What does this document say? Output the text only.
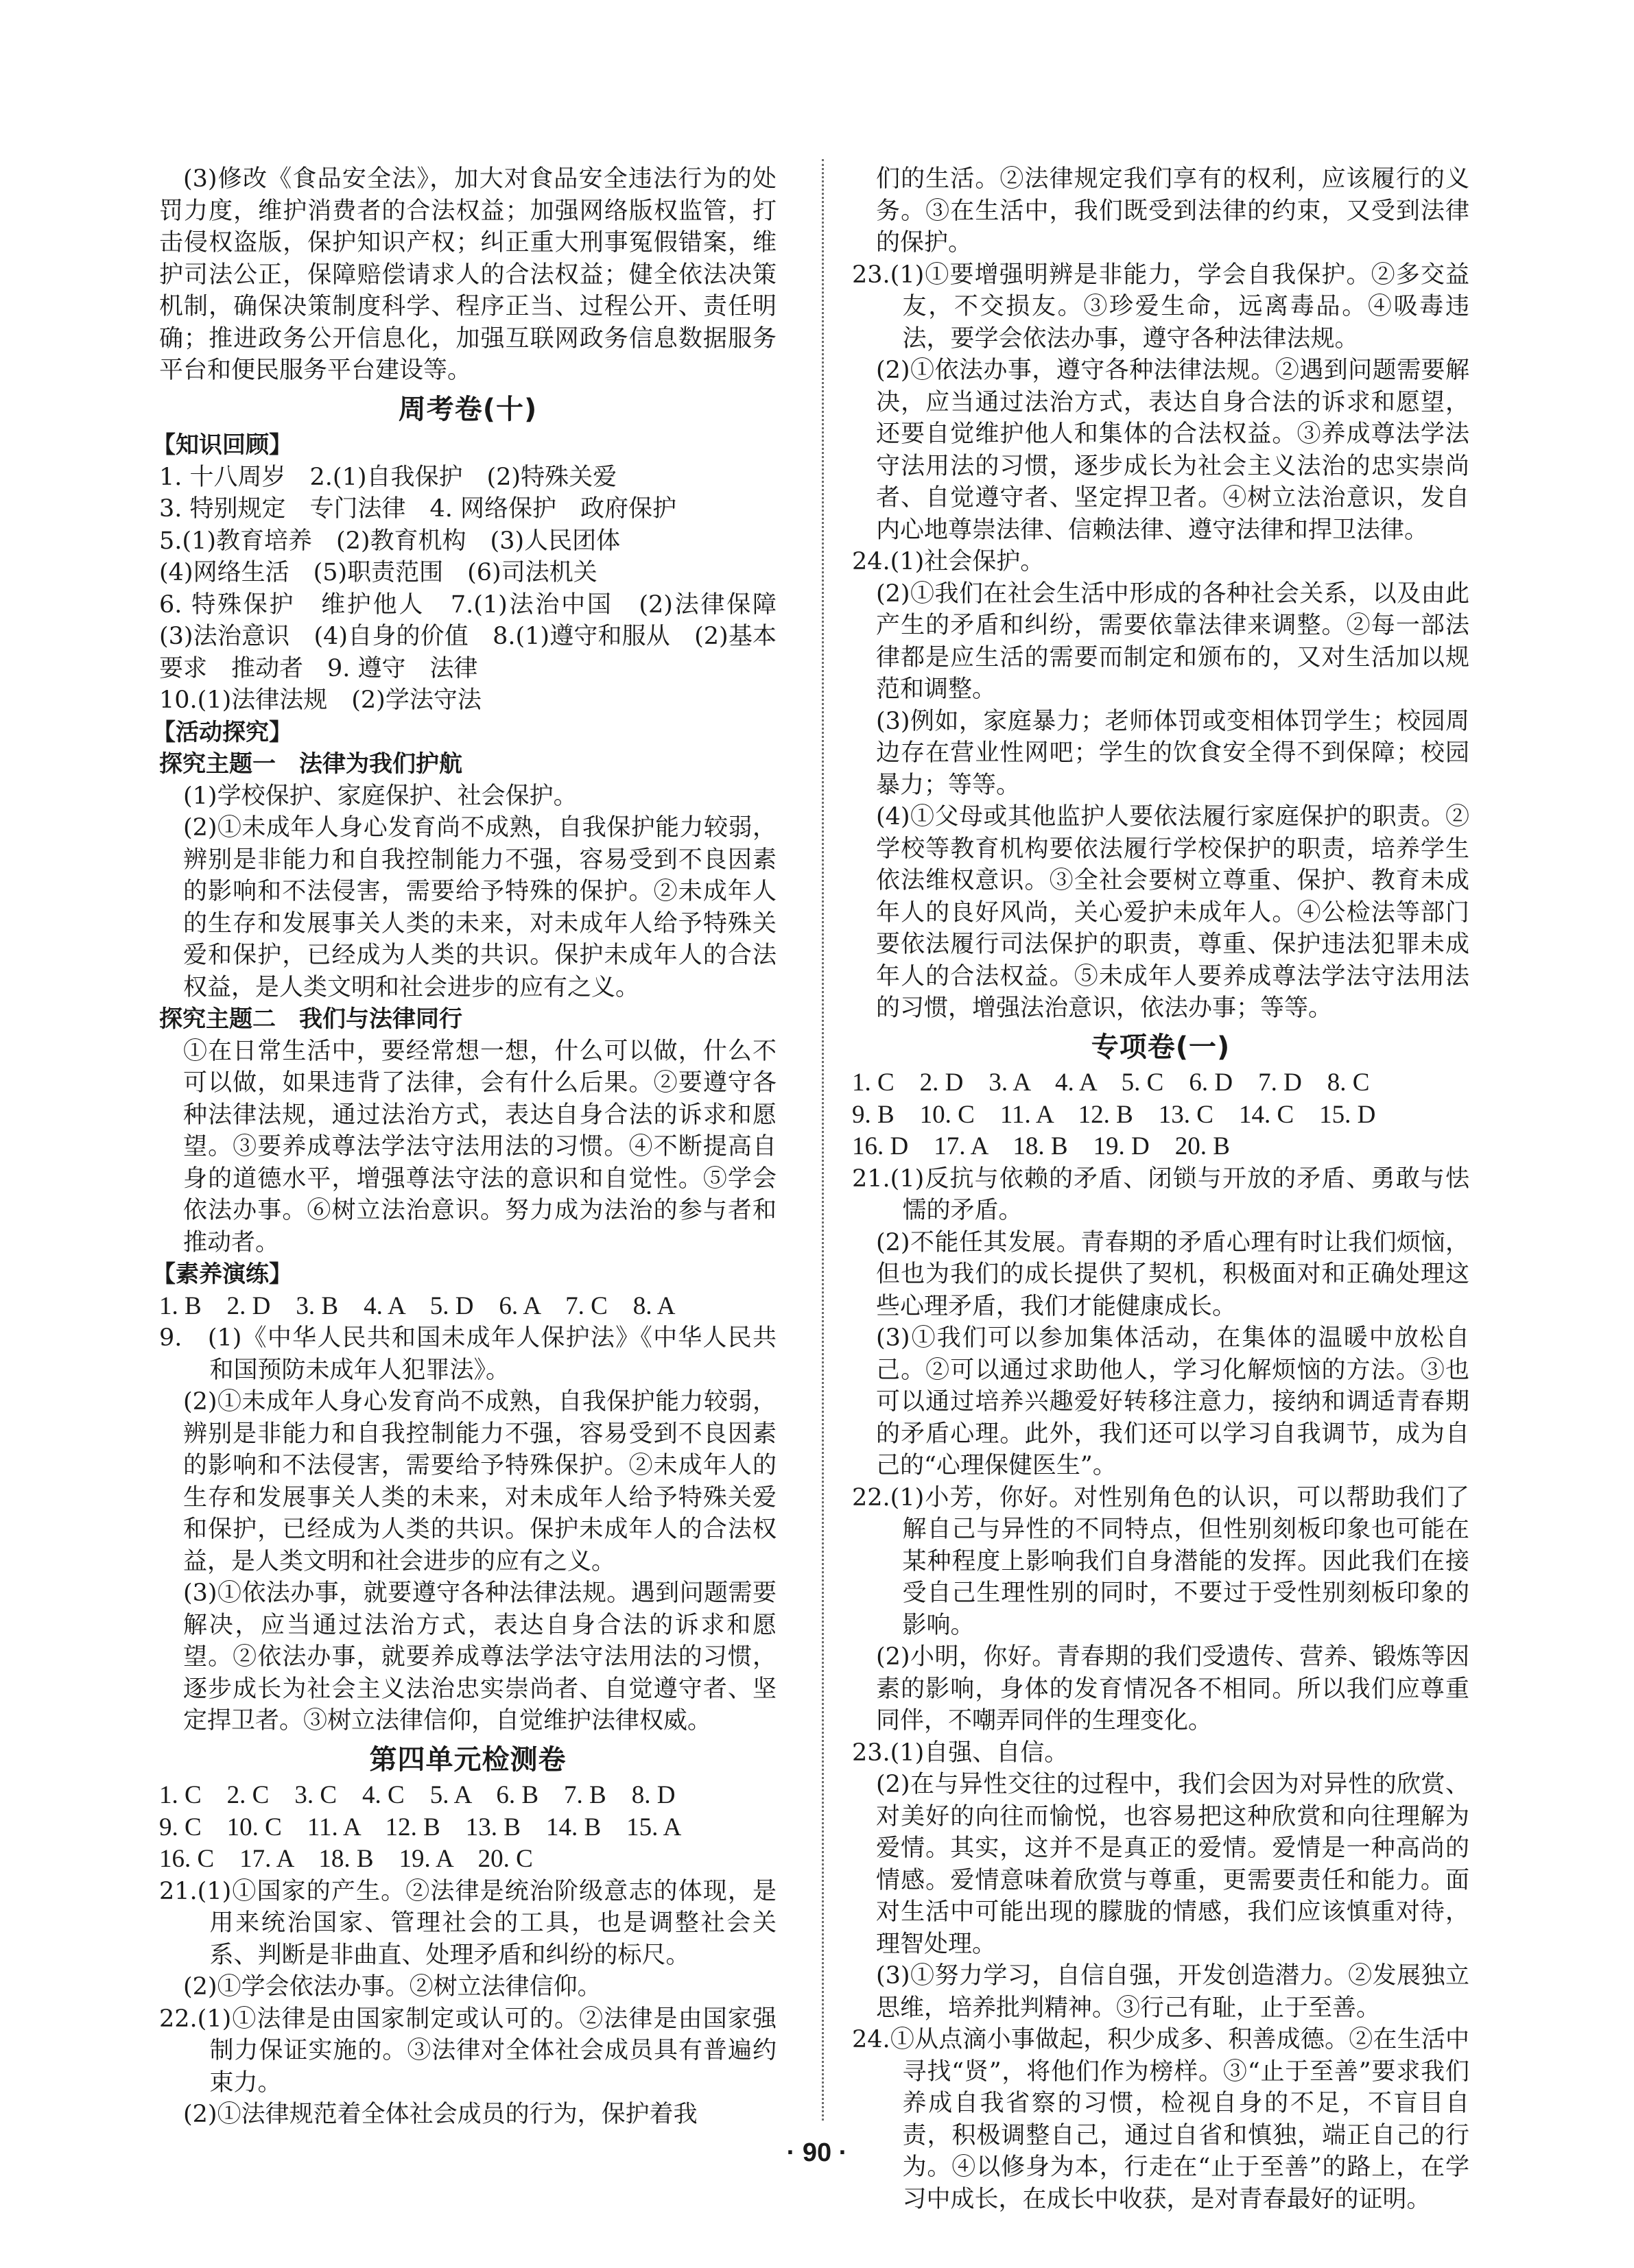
(3)修改《食品安全法》，加大对食品安全违法行为的处罚力度，维护消费者的合法权益；加强网络版权监管，打击侵权盗版，保护知识产权；纠正重大刑事冤假错案，维护司法公正，保障赔偿请求人的合法权益；健全依法决策机制，确保决策制度科学、程序正当、过程公开、责任明确；推进政务公开信息化，加强互联网政务信息数据服务平台和便民服务平台建设等。

周考卷(十)

【知识回顾】

1. 十八周岁　2.(1)自我保护　(2)特殊关爱

3. 特别规定　专门法律　4. 网络保护　政府保护

5.(1)教育培养　(2)教育机构　(3)人民团体

(4)网络生活　(5)职责范围　(6)司法机关

6. 特殊保护　维护他人　7.(1)法治中国　(2)法律保障　(3)法治意识　(4)自身的价值　8.(1)遵守和服从　(2)基本要求　推动者　9. 遵守　法律

10.(1)法律法规　(2)学法守法

【活动探究】

探究主题一　法律为我们护航

(1)学校保护、家庭保护、社会保护。

(2)①未成年人身心发育尚不成熟，自我保护能力较弱，辨别是非能力和自我控制能力不强，容易受到不良因素的影响和不法侵害，需要给予特殊的保护。②未成年人的生存和发展事关人类的未来，对未成年人给予特殊关爱和保护，已经成为人类的共识。保护未成年人的合法权益，是人类文明和社会进步的应有之义。

探究主题二　我们与法律同行

①在日常生活中，要经常想一想，什么可以做，什么不可以做，如果违背了法律，会有什么后果。②要遵守各种法律法规，通过法治方式，表达自身合法的诉求和愿望。③要养成尊法学法守法用法的习惯。④不断提高自身的道德水平，增强尊法守法的意识和自觉性。⑤学会依法办事。⑥树立法治意识。努力成为法治的参与者和推动者。

【素养演练】

1. B　2. D　3. B　4. A　5. D　6. A　7. C　8. A

9.　(1)《中华人民共和国未成年人保护法》《中华人民共和国预防未成年人犯罪法》。

(2)①未成年人身心发育尚不成熟，自我保护能力较弱，辨别是非能力和自我控制能力不强，容易受到不良因素的影响和不法侵害，需要给予特殊保护。②未成年人的生存和发展事关人类的未来，对未成年人给予特殊关爱和保护，已经成为人类的共识。保护未成年人的合法权益，是人类文明和社会进步的应有之义。

(3)①依法办事，就要遵守各种法律法规。遇到问题需要解决，应当通过法治方式，表达自身合法的诉求和愿望。②依法办事，就要养成尊法学法守法用法的习惯，逐步成长为社会主义法治忠实崇尚者、自觉遵守者、坚定捍卫者。③树立法律信仰，自觉维护法律权威。

第四单元检测卷

1. C　2. C　3. C　4. C　5. A　6. B　7. B　8. D

9. C　10. C　11. A　12. B　13. B　14. B　15. A

16. C　17. A　18. B　19. A　20. C

21.(1)①国家的产生。②法律是统治阶级意志的体现，是用来统治国家、管理社会的工具，也是调整社会关系、判断是非曲直、处理矛盾和纠纷的标尺。

(2)①学会依法办事。②树立法律信仰。

22.(1)①法律是由国家制定或认可的。②法律是由国家强制力保证实施的。③法律对全体社会成员具有普遍约束力。

(2)①法律规范着全体社会成员的行为，保护着我

们的生活。②法律规定我们享有的权利，应该履行的义务。③在生活中，我们既受到法律的约束，又受到法律的保护。

23.(1)①要增强明辨是非能力，学会自我保护。②多交益友，不交损友。③珍爱生命，远离毒品。④吸毒违法，要学会依法办事，遵守各种法律法规。

(2)①依法办事，遵守各种法律法规。②遇到问题需要解决，应当通过法治方式，表达自身合法的诉求和愿望，还要自觉维护他人和集体的合法权益。③养成尊法学法守法用法的习惯，逐步成长为社会主义法治的忠实崇尚者、自觉遵守者、坚定捍卫者。④树立法治意识，发自内心地尊崇法律、信赖法律、遵守法律和捍卫法律。

24.(1)社会保护。

(2)①我们在社会生活中形成的各种社会关系，以及由此产生的矛盾和纠纷，需要依靠法律来调整。②每一部法律都是应生活的需要而制定和颁布的，又对生活加以规范和调整。

(3)例如，家庭暴力；老师体罚或变相体罚学生；校园周边存在营业性网吧；学生的饮食安全得不到保障；校园暴力；等等。

(4)①父母或其他监护人要依法履行家庭保护的职责。②学校等教育机构要依法履行学校保护的职责，培养学生依法维权意识。③全社会要树立尊重、保护、教育未成年人的良好风尚，关心爱护未成年人。④公检法等部门要依法履行司法保护的职责，尊重、保护违法犯罪未成年人的合法权益。⑤未成年人要养成尊法学法守法用法的习惯，增强法治意识，依法办事；等等。

专项卷(一)

1. C　2. D　3. A　4. A　5. C　6. D　7. D　8. C

9. B　10. C　11. A　12. B　13. C　14. C　15. D

16. D　17. A　18. B　19. D　20. B

21.(1)反抗与依赖的矛盾、闭锁与开放的矛盾、勇敢与怯懦的矛盾。

(2)不能任其发展。青春期的矛盾心理有时让我们烦恼，但也为我们的成长提供了契机，积极面对和正确处理这些心理矛盾，我们才能健康成长。

(3)①我们可以参加集体活动，在集体的温暖中放松自己。②可以通过求助他人，学习化解烦恼的方法。③也可以通过培养兴趣爱好转移注意力，接纳和调适青春期的矛盾心理。此外，我们还可以学习自我调节，成为自己的“心理保健医生”。

22.(1)小芳，你好。对性别角色的认识，可以帮助我们了解自己与异性的不同特点，但性别刻板印象也可能在某种程度上影响我们自身潜能的发挥。因此我们在接受自己生理性别的同时，不要过于受性别刻板印象的影响。

(2)小明，你好。青春期的我们受遗传、营养、锻炼等因素的影响，身体的发育情况各不相同。所以我们应尊重同伴，不嘲弄同伴的生理变化。

23.(1)自强、自信。

(2)在与异性交往的过程中，我们会因为对异性的欣赏、对美好的向往而愉悦，也容易把这种欣赏和向往理解为爱情。其实，这并不是真正的爱情。爱情是一种高尚的情感。爱情意味着欣赏与尊重，更需要责任和能力。面对生活中可能出现的朦胧的情感，我们应该慎重对待，理智处理。

(3)①努力学习，自信自强，开发创造潜力。②发展独立思维，培养批判精神。③行己有耻，止于至善。

24.①从点滴小事做起，积少成多、积善成德。②在生活中寻找“贤”，将他们作为榜样。③“止于至善”要求我们养成自我省察的习惯，检视自身的不足，不盲目自责，积极调整自己，通过自省和慎独，端正自己的行为。④以修身为本，行走在“止于至善”的路上，在学习中成长，在成长中收获，是对青春最好的证明。

· 90 ·
